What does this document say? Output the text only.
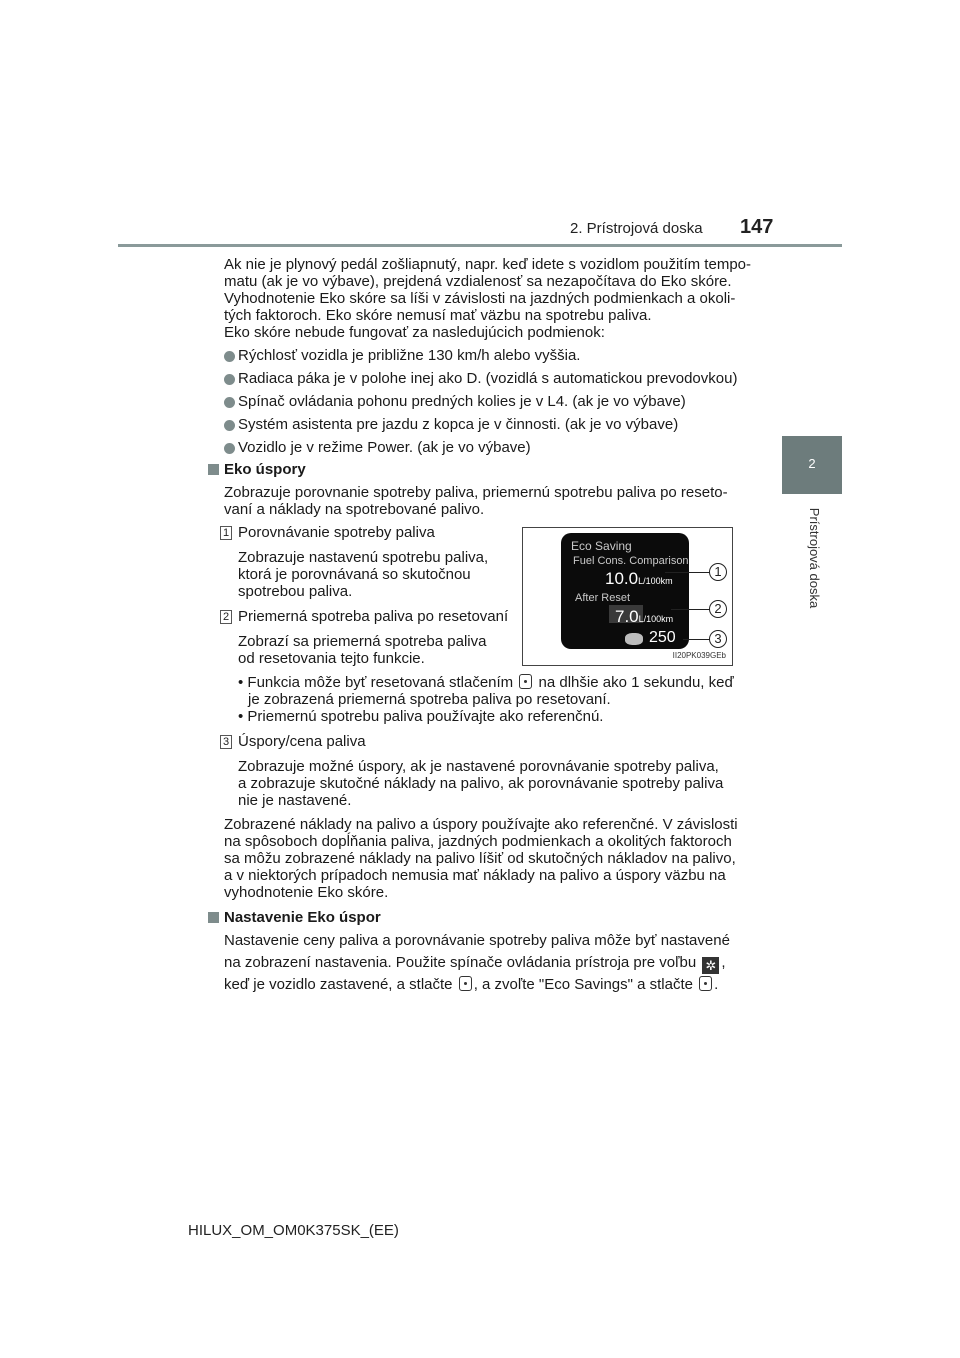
2. Prístrojová doska 147
2
Prístrojová doska
Ak nie je plynový pedál zošliapnutý, napr. keď idete s vozidlom použitím tempo-
matu (ak je vo výbave), prejdená vzdialenosť sa nezapočítava do Eko skóre.
Vyhodnotenie Eko skóre sa líši v závislosti na jazdných podmienkach a okoli-
tých faktoroch. Eko skóre nemusí mať väzbu na spotrebu paliva.
Eko skóre nebude fungovať za nasledujúcich podmienok:
Rýchlosť vozidla je približne 130 km/h alebo vyššia.
Radiaca páka je v polohe inej ako D. (vozidlá s automatickou prevodovkou)
Spínač ovládania pohonu predných kolies je v L4. (ak je vo výbave)
Systém asistenta pre jazdu z kopca je v činnosti. (ak je vo výbave)
Vozidlo je v režime Power. (ak je vo výbave)
Eko úspory
Zobrazuje porovnanie spotreby paliva, priemernú spotrebu paliva po reseto-
vaní a náklady na spotrebované palivo.
1 Porovnávanie spotreby paliva
Zobrazuje nastavenú spotrebu paliva,
ktorá je porovnávaná so skutočnou
spotrebou paliva.
2 Priemerná spotreba paliva po resetovaní
Zobrazí sa priemerná spotreba paliva
od resetovania tejto funkcie.
Eco Saving
Fuel Cons. Comparison
10.0L/100km
After Reset
7.0L/100km
250
1
2
3
II20PK039GEb
• Funkcia môže byť resetovaná stlačením na dlhšie ako 1 sekundu, keď
je zobrazená priemerná spotreba paliva po resetovaní.
• Priemernú spotrebu paliva používajte ako referenčnú.
3 Úspory/cena paliva
Zobrazuje možné úspory, ak je nastavené porovnávanie spotreby paliva,
a zobrazuje skutočné náklady na palivo, ak porovnávanie spotreby paliva
nie je nastavené.
Zobrazené náklady na palivo a úspory používajte ako referenčné. V závislosti
na spôsoboch dopĺňania paliva, jazdných podmienkach a okolitých faktoroch
sa môžu zobrazené náklady na palivo líšiť od skutočných nákladov na palivo,
a v niektorých prípadoch nemusia mať náklady na palivo a úspory väzbu na
vyhodnotenie Eko skóre.
Nastavenie Eko úspor
Nastavenie ceny paliva a porovnávanie spotreby paliva môže byť nastavené
na zobrazení nastavenia. Použite spínače ovládania prístroja pre voľbu ✲ ,
keď je vozidlo zastavené, a stlačte , a zvoľte "Eco Savings" a stlačte .
HILUX_OM_OM0K375SK_(EE)
